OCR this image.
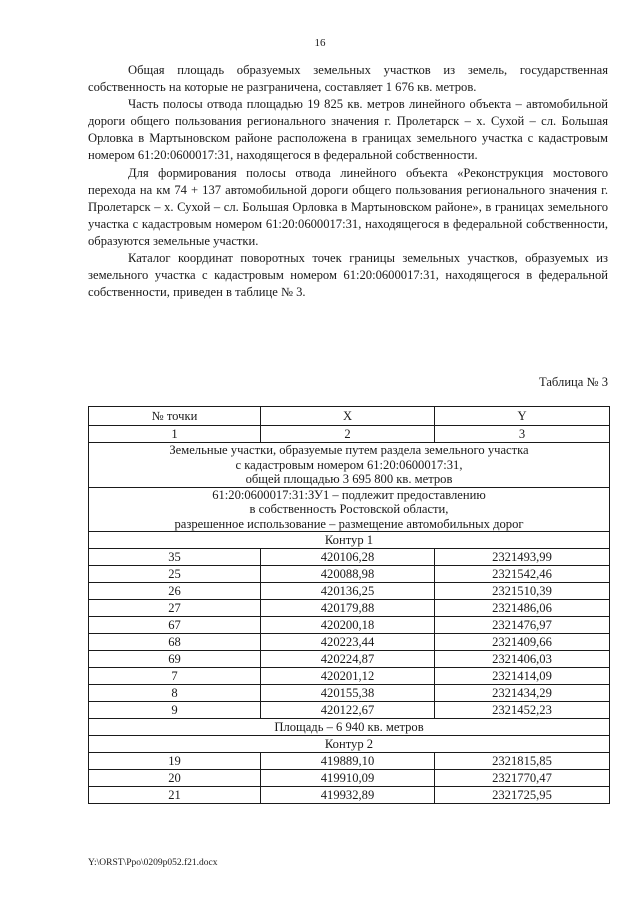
16

Общая площадь образуемых земельных участков из земель, государственная собственность на которые не разграничена, составляет 1 676 кв. метров.

Часть полосы отвода площадью 19 825 кв. метров линейного объекта – автомобильной дороги общего пользования регионального значения г. Пролетарск – х. Сухой – сл. Большая Орловка в Мартыновском районе расположена в границах земельного участка с кадастровым номером 61:20:0600017:31, находящегося в федеральной собственности.

Для формирования полосы отвода линейного объекта «Реконструкция мостового перехода на км 74 + 137 автомобильной дороги общего пользования регионального значения г. Пролетарск – х. Сухой – сл. Большая Орловка в Мартыновском районе», в границах земельного участка с кадастровым номером 61:20:0600017:31, находящегося в федеральной собственности, образуются земельные участки.

Каталог координат поворотных точек границы земельных участков, образуемых из земельного участка с кадастровым номером 61:20:0600017:31, находящегося в федеральной собственности, приведен в таблице № 3.

Таблица № 3
№ точки	X	Y
1	2	3

Земельные участки, образуемые путем раздела земельного участка
с кадастровым номером 61:20:0600017:31,
общей площадью 3 695 800 кв. метров		

61:20:0600017:31:ЗУ1 – подлежит предоставлению
в собственность Ростовской области,
разрешенное использование – размещение автомобильных дорог		

Контур 1		
35	420106,28	2321493,99
25	420088,98	2321542,46
26	420136,25	2321510,39
27	420179,88	2321486,06
67	420200,18	2321476,97
68	420223,44	2321409,66
69	420224,87	2321406,03
7	420201,12	2321414,09
8	420155,38	2321434,29
9	420122,67	2321452,23
Площадь – 6 940 кв. метров		
Контур 2		
19	419889,10	2321815,85
20	419910,09	2321770,47
21	419932,89	2321725,95
Y:\ORST\Ppo\0209p052.f21.docx
